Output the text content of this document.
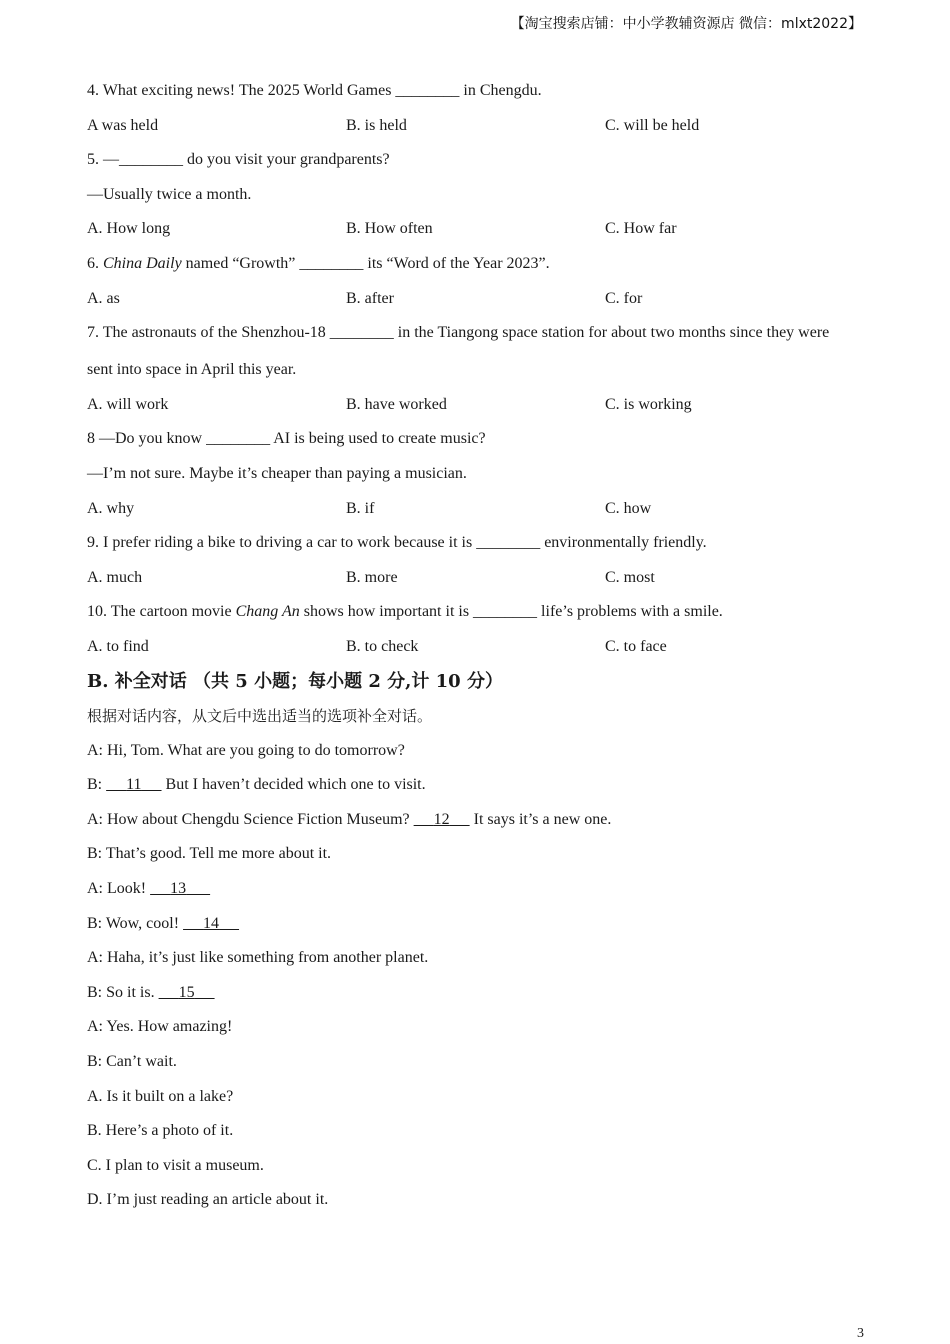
【淘宝搜索店铺：中小学教辅资源店 微信：mlxt2022】
4. What exciting news! The 2025 World Games ________ in Chengdu.
A was held	B. is held	C. will be held
5. —________ do you visit your grandparents?
—Usually twice a month.
A. How long	B. How often	C. How far
6. China Daily named “Growth” ________ its “Word of the Year 2023”.
A. as	B. after	C. for
7. The astronauts of the Shenzhou-18 ________ in the Tiangong space station for about two months since they were
sent into space in April this year.
A. will work	B. have worked	C. is working
8 —Do you know ________ AI is being used to create music?
—I’m not sure. Maybe it’s cheaper than paying a musician.
A. why	B. if	C. how
9. I prefer riding a bike to driving a car to work because it is ________ environmentally friendly.
A. much	B. more	C. most
10. The cartoon movie Chang An shows how important it is ________ life’s problems with a smile.
A. to find	B. to check	C. to face
B. 补全对话 （共 5 小题；每小题 2 分,计 10 分）
根据对话内容，从文后中选出适当的选项补全对话。
A: Hi, Tom. What are you going to do tomorrow?
B:      11      But I haven’t decided which one to visit.
A: How about Chengdu Science Fiction Museum?      12      It says it’s a new one.
B: That’s good. Tell me more about it.
A: Look!      13
B: Wow, cool!      14
A: Haha, it’s just like something from another planet.
B: So it is.      15
A: Yes. How amazing!
B: Can’t wait.
A. Is it built on a lake?
B. Here’s a photo of it.
C. I plan to visit a museum.
D. I’m just reading an article about it.
3
